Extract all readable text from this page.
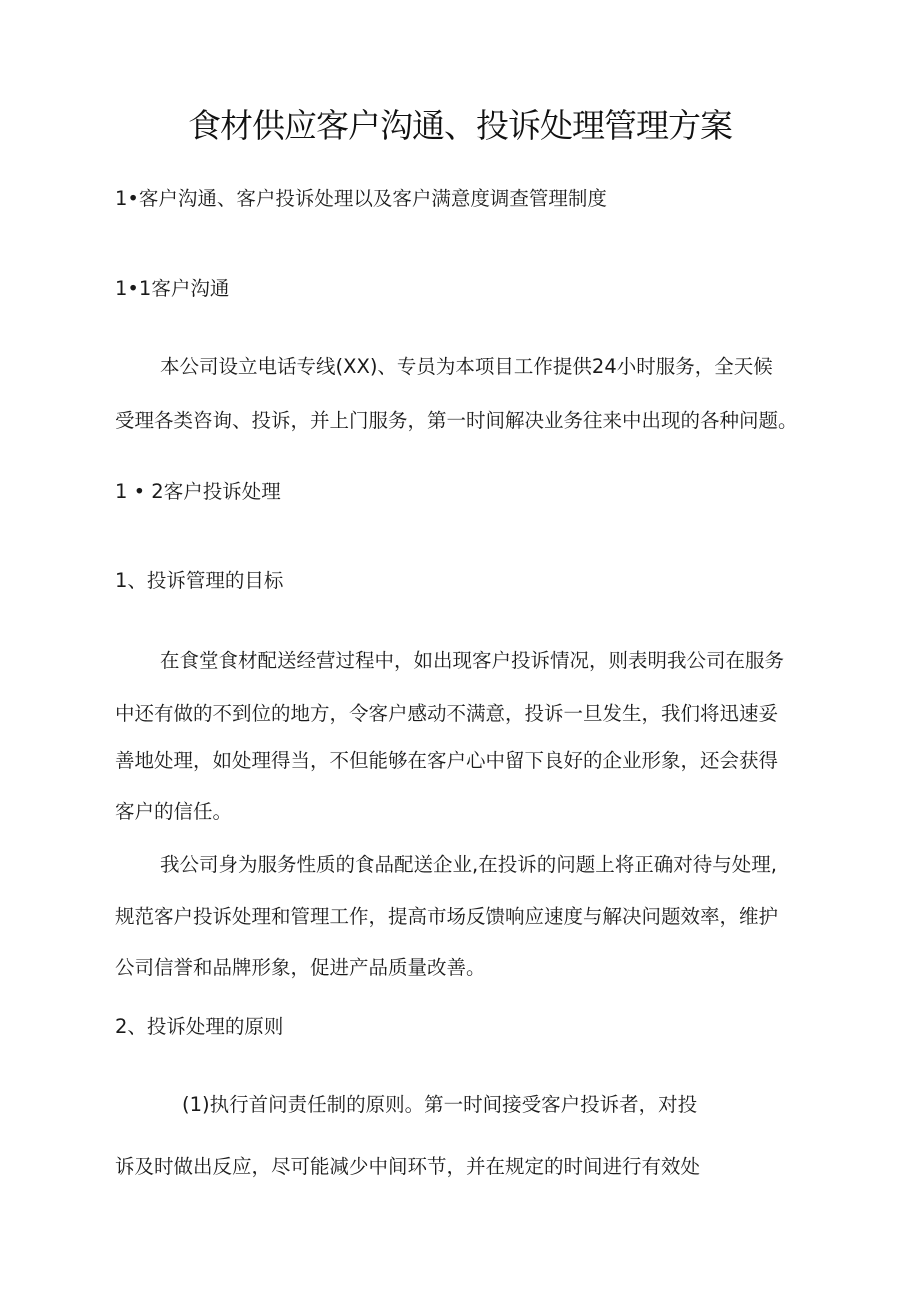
食材供应客户沟通、投诉处理管理方案

1•客户沟通、客户投诉处理以及客户满意度调查管理制度

1•1客户沟通

本公司设立电话专线(XX)、专员为本项目工作提供24小时服务，全天候

受理各类咨询、投诉，并上门服务，第一时间解决业务往来中出现的各种问题。

1 • 2客户投诉处理

1、投诉管理的目标

在食堂食材配送经营过程中，如出现客户投诉情况，则表明我公司在服务

中还有做的不到位的地方，令客户感动不满意，投诉一旦发生，我们将迅速妥

善地处理，如处理得当，不但能够在客户心中留下良好的企业形象，还会获得

客户的信任。

我公司身为服务性质的食品配送企业,在投诉的问题上将正确对待与处理,

规范客户投诉处理和管理工作，提高市场反馈响应速度与解决问题效率，维护

公司信誉和品牌形象，促进产品质量改善。

2、投诉处理的原则

(1)执行首问责任制的原则。第一时间接受客户投诉者，对投

诉及时做出反应，尽可能减少中间环节，并在规定的时间进行有效处
